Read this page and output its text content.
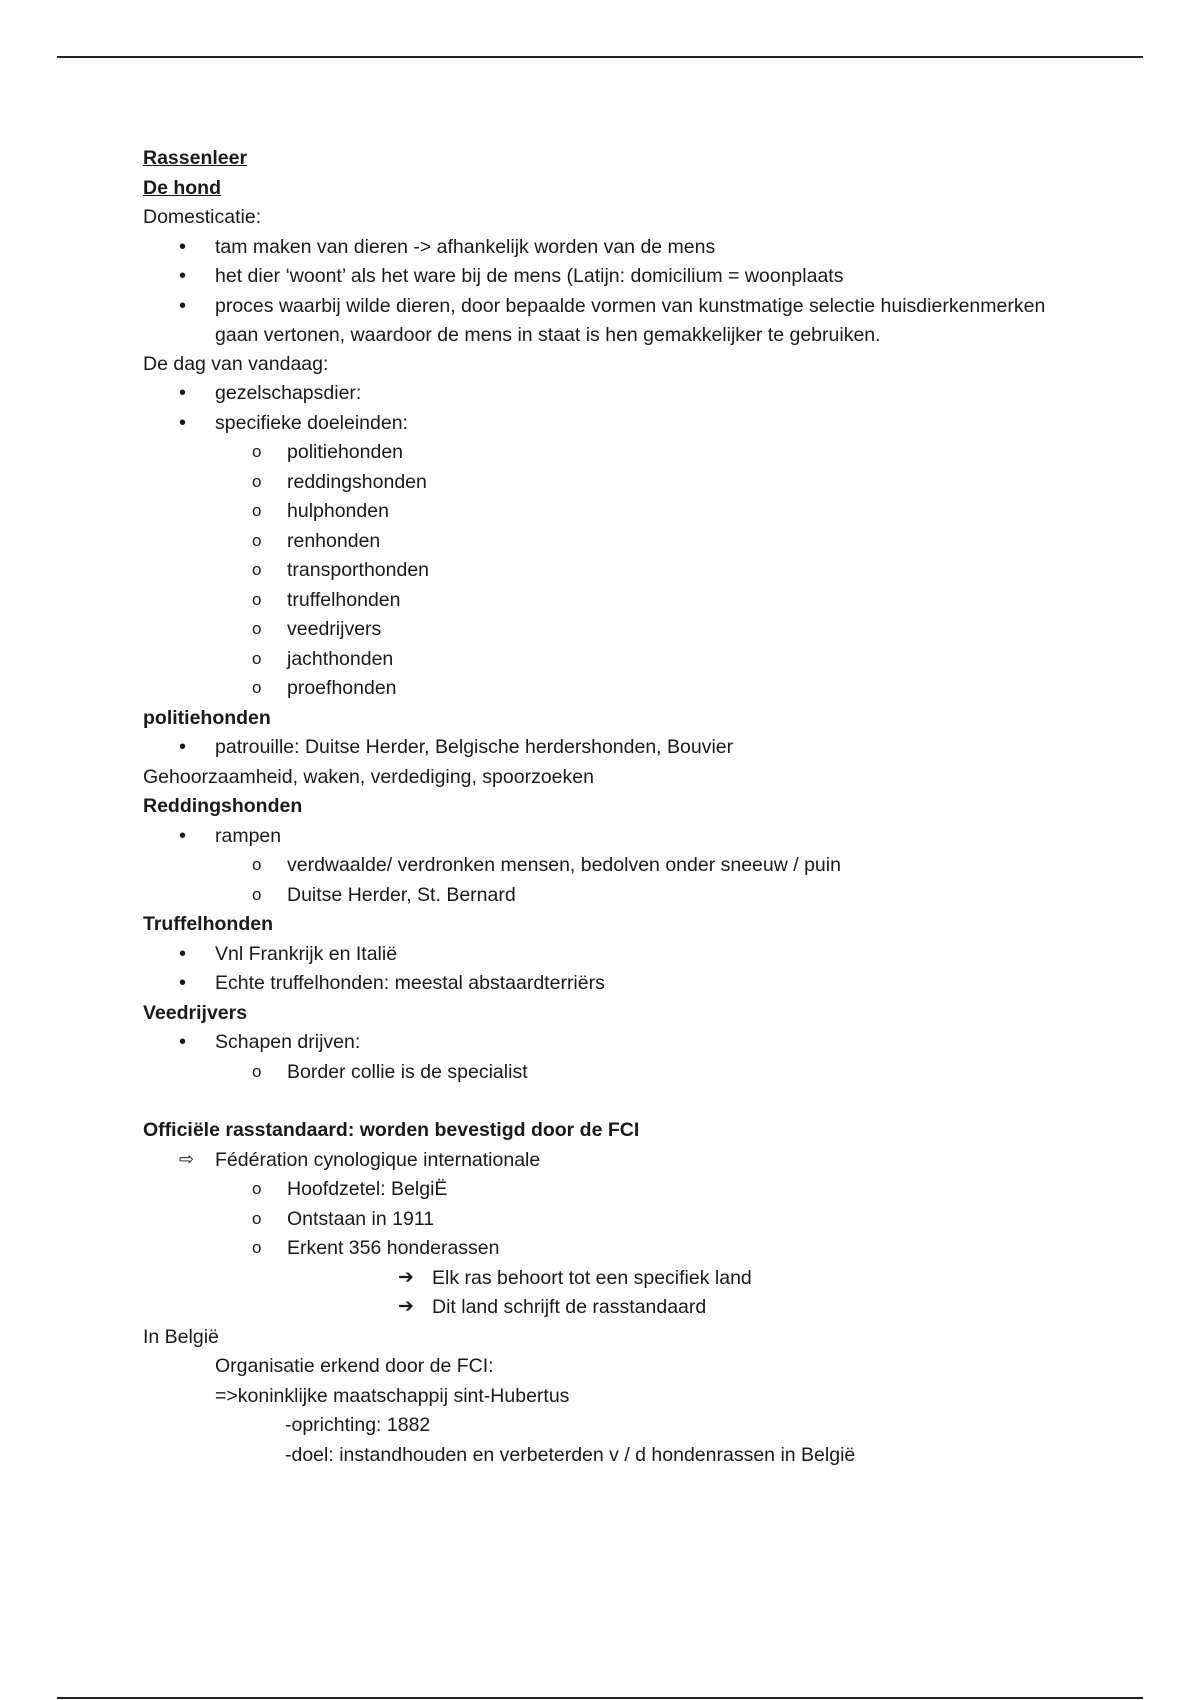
Rassenleer
De hond
Domesticatie:
• tam maken van dieren -> afhankelijk worden van de mens
• het dier ‘woont’ als het ware bij de mens (Latijn: domicilium = woonplaats
• proces waarbij wilde dieren, door bepaalde vormen van kunstmatige selectie huisdierkenmerken gaan vertonen, waardoor de mens in staat is hen gemakkelijker te gebruiken.
De dag van vandaag:
• gezelschapsdier:
• specifieke doeleinden:
o politiehonden
o reddingshonden
o hulphonden
o renhonden
o transporthonden
o truffelhonden
o veedrijvers
o jachthonden
o proefhonden
politiehonden
• patrouille: Duitse Herder, Belgische herdershonden, Bouvier
Gehoorzaamheid, waken, verdediging, spoorzoeken
Reddingshonden
• rampen
o verdwaalde/ verdronken mensen, bedolven onder sneeuw / puin
o Duitse Herder, St. Bernard
Truffelhonden
• Vnl Frankrijk en Italië
• Echte truffelhonden: meestal abstaardterriërs
Veedrijvers
• Schapen drijven:
o Border collie is de specialist
Officiële rasstandaard: worden bevestigd door de FCI
⇨ Fédération cynologique internationale
o Hoofdzetel: BelgiË
o Ontstaan in 1911
o Erkent 356 honderassen
➔ Elk ras behoort tot een specifiek land
➔ Dit land schrijft de rasstandaard
In België
Organisatie erkend door de FCI:
=>koninklijke maatschappij sint-Hubertus
-oprichting: 1882
-doel: instandhouden en verbeterden v / d hondenrassen in België
